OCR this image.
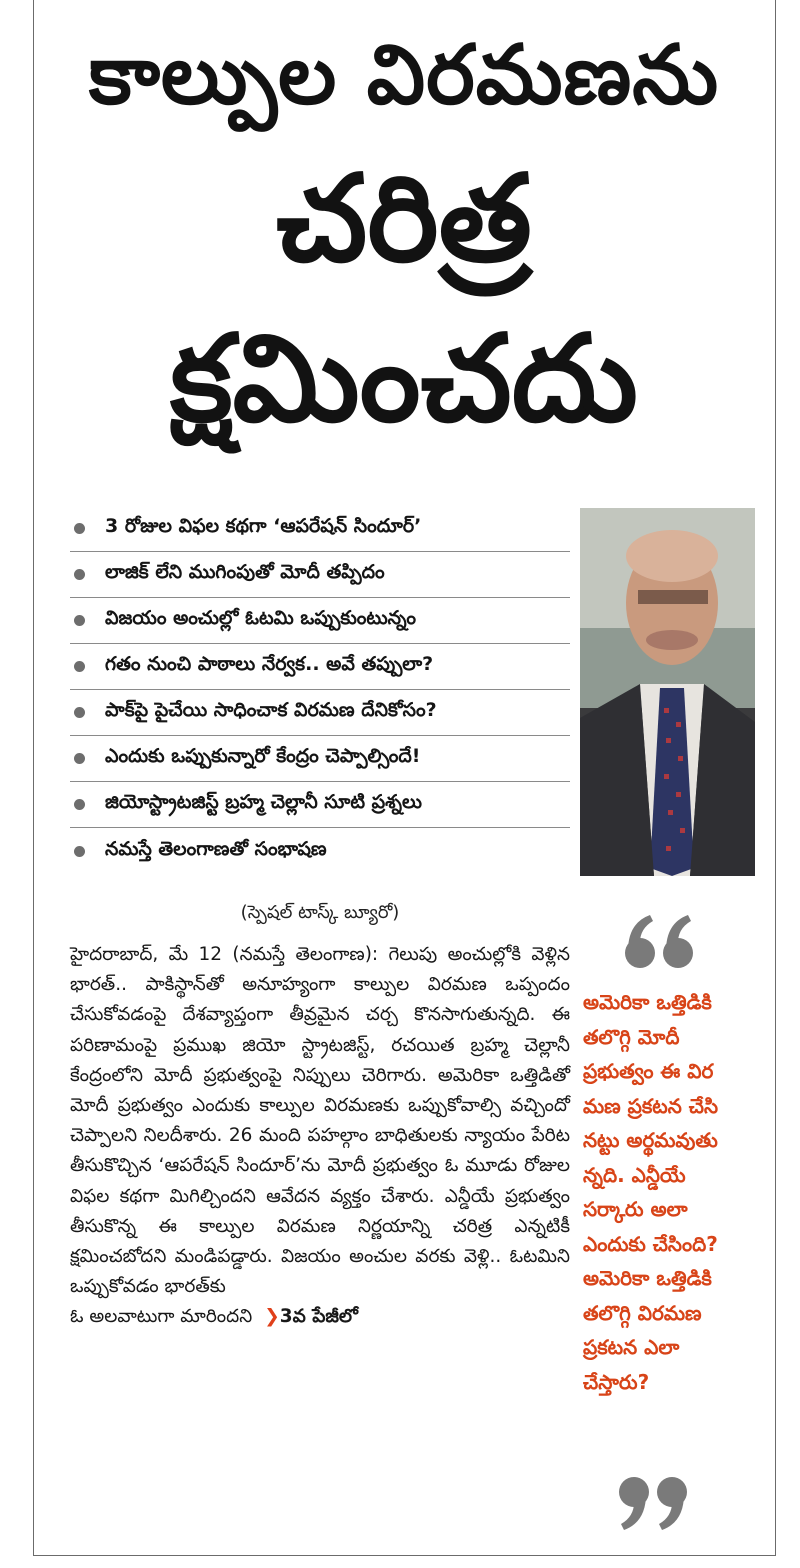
కాల్పుల విరమణను
చరిత్ర
క్షమించదు
3 రోజుల విఫల కథగా ‘ఆపరేషన్ సిందూర్’
లాజిక్ లేని ముగింపుతో మోదీ తప్పిదం
విజయం అంచుల్లో ఓటమి ఒప్పుకుంటున్నం
గతం నుంచి పాఠాలు నేర్వక.. అవే తప్పులా?
పాక్‌పై పైచేయి సాధించాక విరమణ దేనికోసం?
ఎందుకు ఒప్పుకున్నారో కేంద్రం చెప్పాల్సిందే!
జియోస్ట్రాటజిస్ట్ బ్రహ్మ చెల్లానీ సూటి ప్రశ్నలు
నమస్తే తెలంగాణతో సంభాషణ
(స్పెషల్ టాస్క్ బ్యూరో)

హైదరాబాద్, మే 12 (నమస్తే తెలంగాణ): గెలుపు అంచుల్లోకి వెళ్లిన భారత్.. పాకిస్థాన్‌తో అనూహ్యంగా కాల్పుల విరమణ ఒప్పందం చేసుకోవడంపై దేశవ్యాప్తంగా తీవ్రమైన చర్చ కొనసాగుతున్నది. ఈ పరిణామంపై ప్రముఖ జియో స్ట్రాటజిస్ట్, రచయిత బ్రహ్మ చెల్లానీ కేంద్రంలోని మోదీ ప్రభుత్వంపై నిప్పులు చెరిగారు. అమెరికా ఒత్తిడితో మోదీ ప్రభుత్వం ఎందుకు కాల్పుల విరమణకు ఒప్పుకోవాల్సి వచ్చిందో చెప్పాలని నిలదీశారు. 26 మంది పహల్గాం బాధితులకు న్యాయం పేరిట తీసుకొచ్చిన ‘ఆపరేషన్ సిందూర్’ను మోదీ ప్రభుత్వం ఓ మూడు రోజుల విఫల కథగా మిగిల్చిందని ఆవేదన వ్యక్తం చేశారు. ఎన్డీయే ప్రభుత్వం తీసుకొన్న ఈ కాల్పుల విరమణ నిర్ణయాన్ని చరిత్ర ఎన్నటికీ క్షమించబోదని మండిపడ్డారు. విజయం అంచుల వరకు వెళ్లి.. ఓటమిని ఒప్పుకోవడం భారత్‌కు

ఓ అలవాటుగా మారిందని ❯3వ పేజీలో

అమెరికా ఒత్తిడికి

తలొగ్గి మోదీ

ప్రభుత్వం ఈ విర

మణ ప్రకటన చేసి

నట్టు అర్థమవుతు

న్నది. ఎన్డీయే

సర్కారు అలా

ఎందుకు చేసింది?

అమెరికా ఒత్తిడికి

తలొగ్గి విరమణ

ప్రకటన ఎలా

చేస్తారు?
